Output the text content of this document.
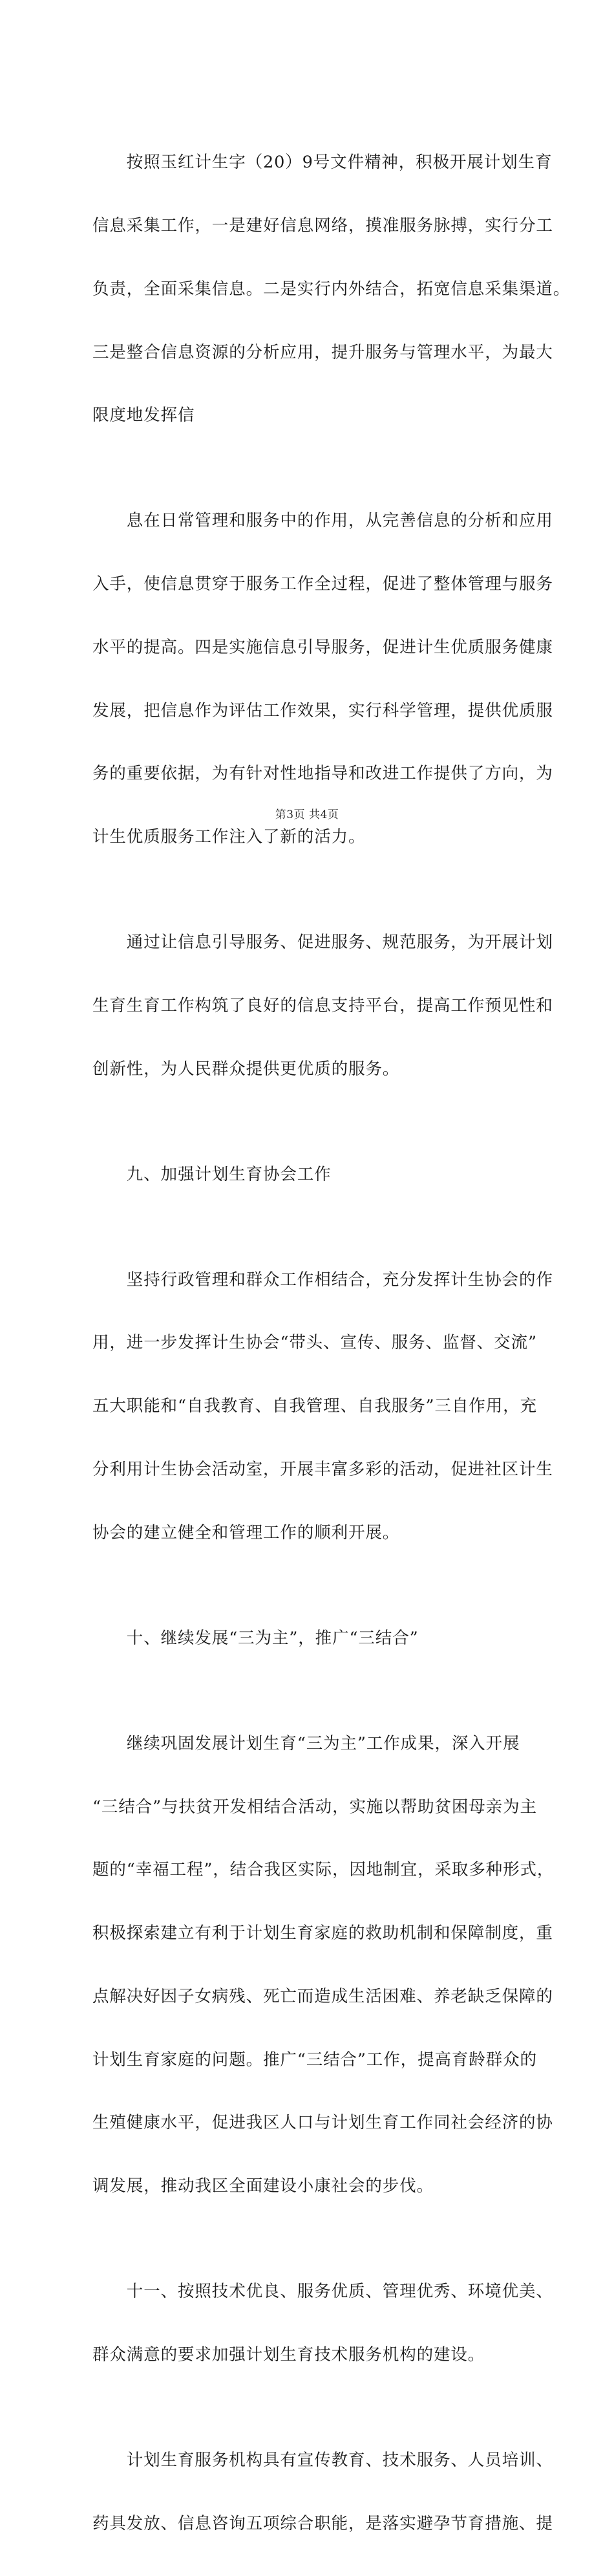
　　按照玉红计生字（20）9号文件精神，积极开展计划生育

信息采集工作，一是建好信息网络，摸准服务脉搏，实行分工

负责，全面采集信息。二是实行内外结合，拓宽信息采集渠道。

三是整合信息资源的分析应用，提升服务与管理水平，为最大

限度地发挥信

　　息在日常管理和服务中的作用，从完善信息的分析和应用

入手，使信息贯穿于服务工作全过程，促进了整体管理与服务

水平的提高。四是实施信息引导服务，促进计生优质服务健康

发展，把信息作为评估工作效果，实行科学管理，提供优质服

务的重要依据，为有针对性地指导和改进工作提供了方向，为

计生优质服务工作注入了新的活力。

　　通过让信息引导服务、促进服务、规范服务，为开展计划

生育生育工作构筑了良好的信息支持平台，提高工作预见性和

创新性，为人民群众提供更优质的服务。

　　九、加强计划生育协会工作

　　坚持行政管理和群众工作相结合，充分发挥计生协会的作

用，进一步发挥计生协会“带头、宣传、服务、监督、交流”

五大职能和“自我教育、自我管理、自我服务”三自作用，充

分利用计生协会活动室，开展丰富多彩的活动，促进社区计生

协会的建立健全和管理工作的顺利开展。

　　十、继续发展“三为主”，推广“三结合”

　　继续巩固发展计划生育“三为主”工作成果，深入开展

“三结合”与扶贫开发相结合活动，实施以帮助贫困母亲为主

题的“幸福工程”，结合我区实际，因地制宜，采取多种形式，

积极探索建立有利于计划生育家庭的救助机制和保障制度，重

点解决好因子女病残、死亡而造成生活困难、养老缺乏保障的

计划生育家庭的问题。推广“三结合”工作，提高育龄群众的

生殖健康水平，促进我区人口与计划生育工作同社会经济的协

调发展，推动我区全面建设小康社会的步伐。

　　十一、按照技术优良、服务优质、管理优秀、环境优美、

群众满意的要求加强计划生育技术服务机构的建设。

　　计划生育服务机构具有宣传教育、技术服务、人员培训、

药具发放、信息咨询五项综合职能，是落实避孕节育措施、提

第3页 共4页
